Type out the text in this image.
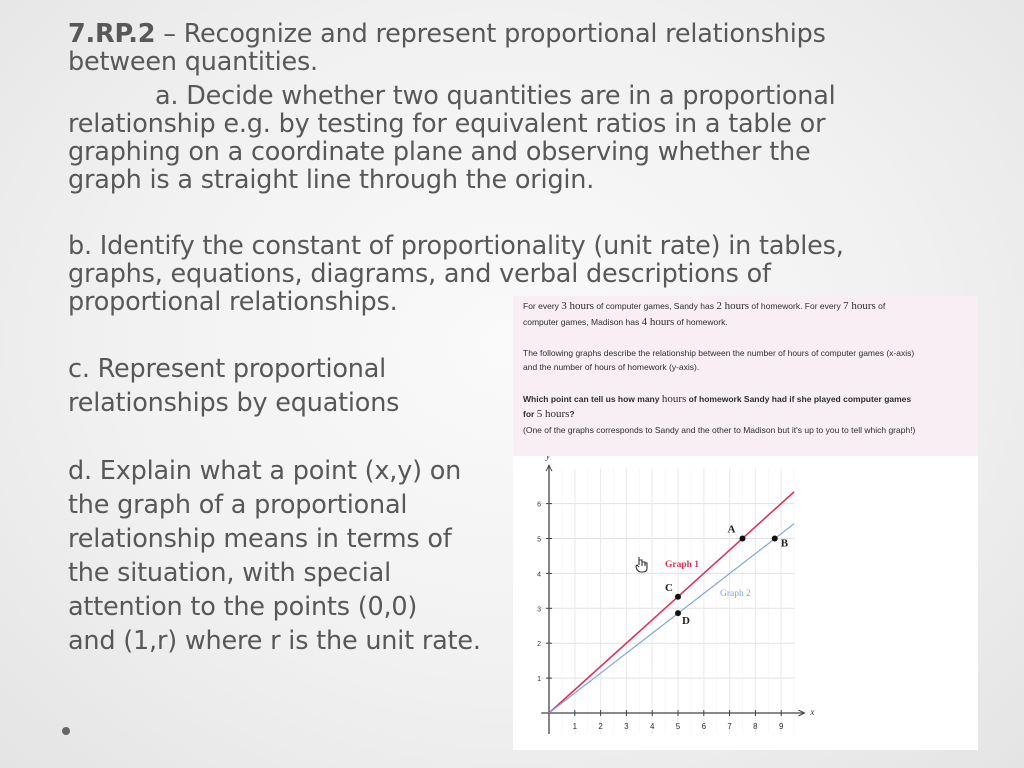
7.RP.2 – Recognize and represent proportional relationships
between quantities.
a. Decide whether two quantities are in a proportional
relationship e.g. by testing for equivalent ratios in a table or
graphing on a coordinate plane and observing whether the
graph is a straight line through the origin.
b. Identify the constant of proportionality (unit rate) in tables,
graphs, equations, diagrams, and verbal descriptions of
proportional relationships.
c. Represent proportional
relationships by equations
d. Explain what a point (x,y) on
the graph of a proportional
relationship means in terms of
the situation, with special
attention to the points (0,0)
and (1,r) where r is the unit rate.
For every 3 hours of computer games, Sandy has 2 hours of homework. For every 7 hours of
computer games, Madison has 4 hours of homework.
The following graphs describe the relationship between the number of hours of computer games (x-axis)
and the number of hours of homework (y-axis).
Which point can tell us how many hours of homework Sandy had if she played computer games
for 5 hours?
(One of the graphs corresponds to Sandy and the other to Madison but it's up to you to tell which graph!)
1	2	3	4	5	6	7	8	9
1
2
3
4
5
6
x
y
A
B
C
D
Graph 1
Graph 2
